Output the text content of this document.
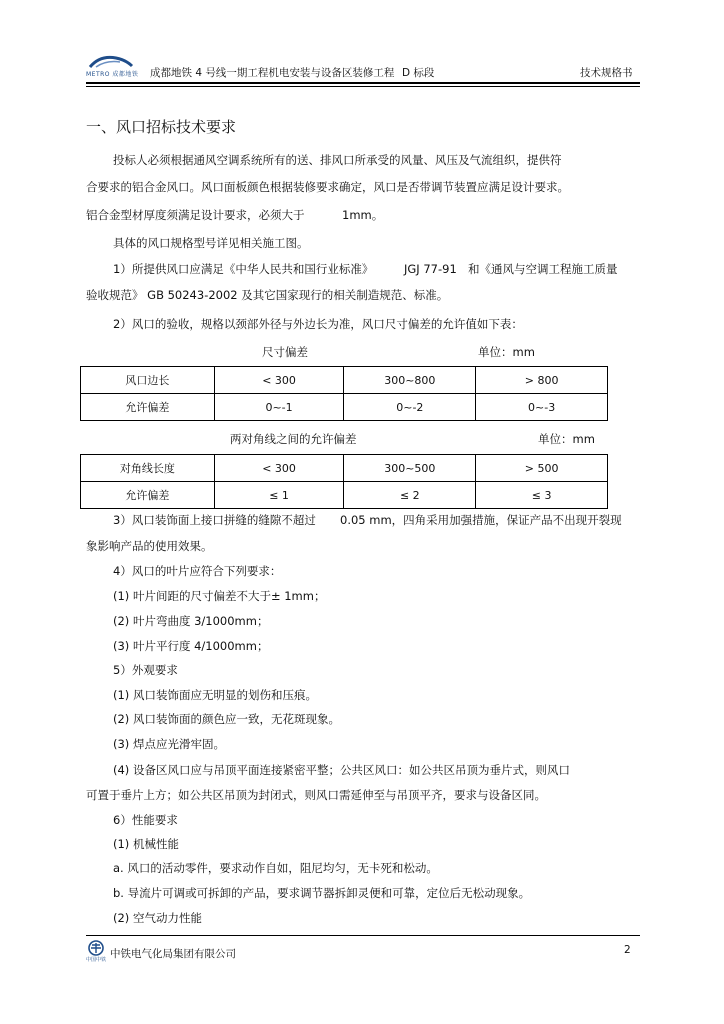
METRO 成都地铁 成都地铁 4 号线一期工程机电安装与设备区装修工程 D 标段	技术规格书
一、风口招标技术要求
投标人必须根据通风空调系统所有的送、排风口所承受的风量、风压及气流组织，提供符
合要求的铝合金风口。风口面板颜色根据装修要求确定，风口是否带调节装置应满足设计要求。
铝合金型材厚度须满足设计要求，必须大于	1mm。
具体的风口规格型号详见相关施工图。
1）所提供风口应满足《中华人民共和国行业标准》	JGJ 77-91 和《通风与空调工程施工质量
验收规范》 GB 50243-2002 及其它国家现行的相关制造规范、标准。
2）风口的验收，规格以颈部外径与外边长为准，风口尺寸偏差的允许值如下表：
尺寸偏差	单位：mm
风口边长	< 300	300~800	> 800
允许偏差	0~-1	0~-2	0~-3
两对角线之间的允许偏差	单位：mm
对角线长度	< 300	300~500	> 500
允许偏差	≤ 1	≤ 2	≤ 3
3）风口装饰面上接口拼缝的缝隙不超过 0.05 mm，四角采用加强措施，保证产品不出现开裂现
象影响产品的使用效果。
4）风口的叶片应符合下列要求：
(1) 叶片间距的尺寸偏差不大于± 1mm；
(2) 叶片弯曲度 3/1000mm；
(3) 叶片平行度 4/1000mm；
5）外观要求
(1) 风口装饰面应无明显的划伤和压痕。
(2) 风口装饰面的颜色应一致，无花斑现象。
(3) 焊点应光滑牢固。
(4) 设备区风口应与吊顶平面连接紧密平整；公共区风口：如公共区吊顶为垂片式，则风口
可置于垂片上方；如公共区吊顶为封闭式，则风口需延伸至与吊顶平齐，要求与设备区同。
6）性能要求
(1) 机械性能
a. 风口的活动零件，要求动作自如，阻尼均匀，无卡死和松动。
b. 导流片可调或可拆卸的产品，要求调节器拆卸灵便和可靠，定位后无松动现象。
(2) 空气动力性能
中国中铁 中铁电气化局集团有限公司	2
